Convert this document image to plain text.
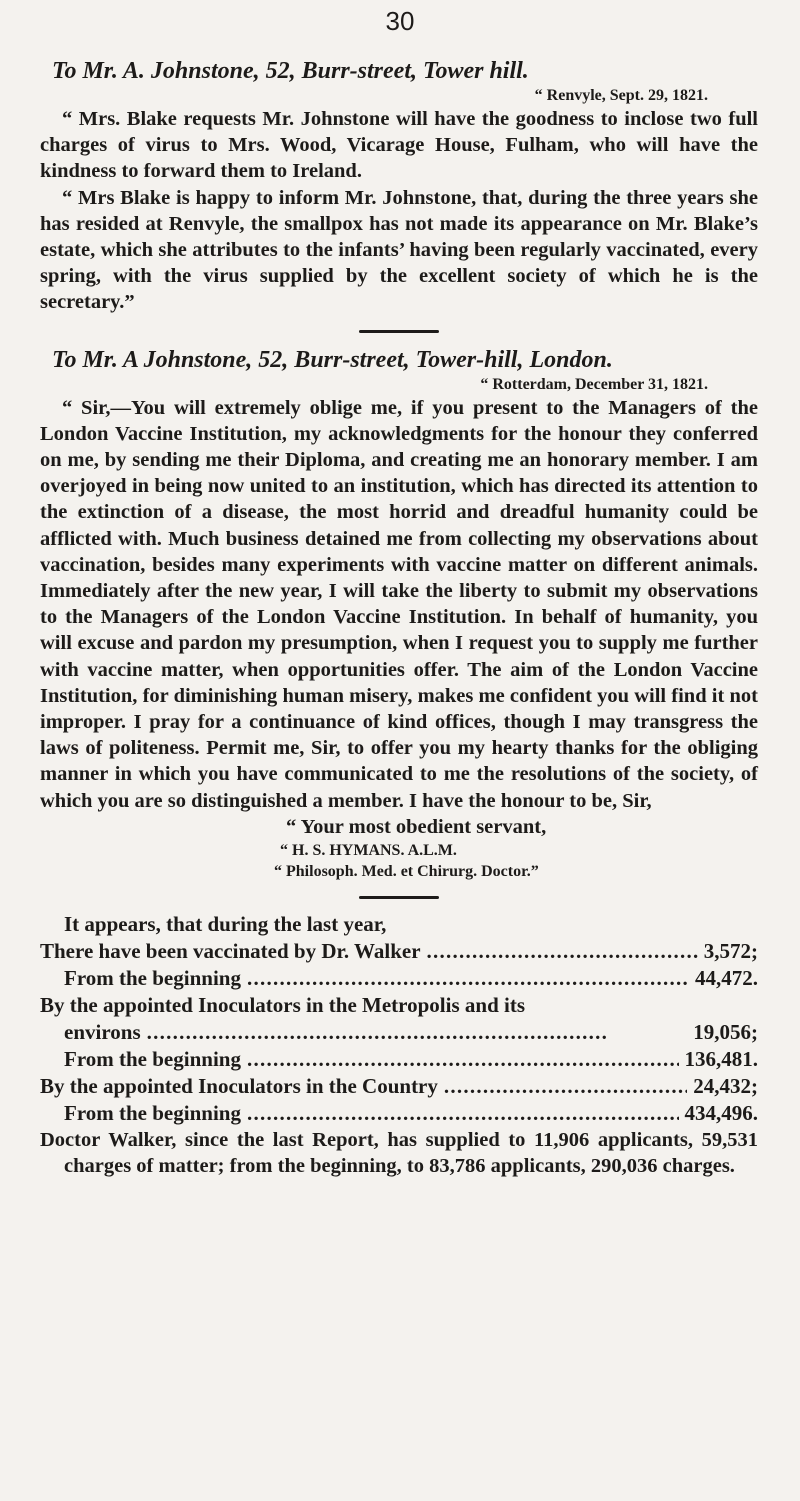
30

To Mr. A. Johnstone, 52, Burr-street, Tower hill.

“ Renvyle, Sept. 29, 1821.

“ Mrs. Blake requests Mr. Johnstone will have the goodness to inclose two full charges of virus to Mrs. Wood, Vicarage House, Fulham, who will have the kindness to forward them to Ireland.

“ Mrs Blake is happy to inform Mr. Johnstone, that, during the three years she has resided at Renvyle, the smallpox has not made its appearance on Mr. Blake’s estate, which she attributes to the infants’ having been regularly vaccinated, every spring, with the virus supplied by the excellent society of which he is the secretary.”

To Mr. A Johnstone, 52, Burr-street, Tower-hill, London.

“ Rotterdam, December 31, 1821.

“ Sir,—You will extremely oblige me, if you present to the Managers of the London Vaccine Institution, my acknowledgments for the honour they conferred on me, by sending me their Diploma, and creating me an honorary member. I am overjoyed in being now united to an institution, which has directed its attention to the extinction of a disease, the most horrid and dreadful humanity could be afflicted with. Much business detained me from collecting my observations about vaccination, besides many experiments with vaccine matter on different animals. Immediately after the new year, I will take the liberty to submit my observations to the Managers of the London Vaccine Institution. In behalf of humanity, you will excuse and pardon my presumption, when I request you to supply me further with vaccine matter, when opportunities offer. The aim of the London Vaccine Institution, for diminishing human misery, makes me confident you will find it not improper. I pray for a continuance of kind offices, though I may transgress the laws of politeness. Permit me, Sir, to offer you my hearty thanks for the obliging manner in which you have communicated to me the resolutions of the society, of which you are so distinguished a member. I have the honour to be, Sir,

“ Your most obedient servant,

“ H. S. HYMANS. A.L.M.

“ Philosoph. Med. et Chirurg. Doctor.”

It appears, that during the last year,

There have been vaccinated by Dr. Walker . . .	3,572;
From the beginning . . .	44,472.

By the appointed Inoculators in the Metropolis and its

environs . . .	19,056;
From the beginning . . .	136,481.
By the appointed Inoculators in the Country . . .	24,432;
From the beginning . . .	434,496.

Doctor Walker, since the last Report, has supplied to 11,906 applicants, 59,531 charges of matter; from the beginning, to 83,786 applicants, 290,036 charges.
